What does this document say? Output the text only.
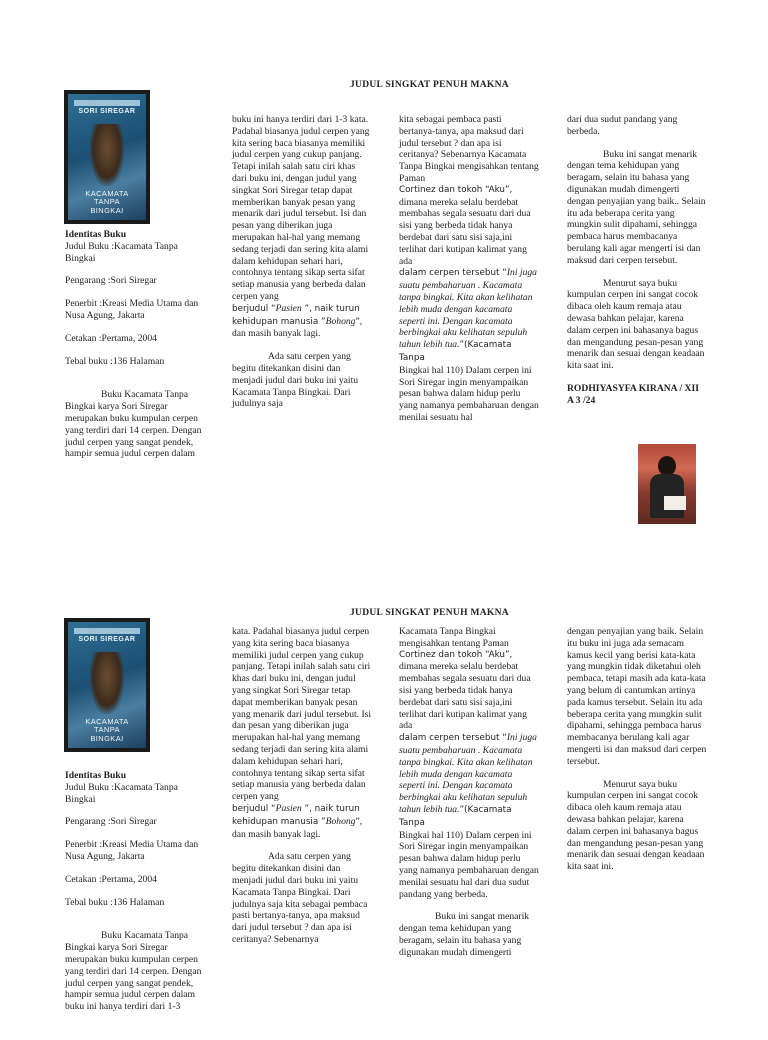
JUDUL SINGKAT PENUH MAKNA
SORI SIREGAR
KACAMATA
TANPA
BINGKAI

Identitas Buku

Judul Buku :Kacamata Tanpa Bingkai

Pengarang :Sori Siregar

Penerbit :Kreasi Media Utama dan Nusa Agung, Jakarta

Cetakan :Pertama, 2004

Tebal buku :136 Halaman

Buku Kacamata Tanpa Bingkai karya Sori Siregar merupakan buku kumpulan cerpen yang terdiri dari 14 cerpen. Dengan judul cerpen yang sangat pendek, hampir semua judul cerpen dalam

buku ini hanya terdiri dari 1-3 kata. Padahal biasanya judul cerpen yang kita sering baca biasanya memiliki judul cerpen yang cukup panjang. Tetapi inilah salah satu ciri khas dari buku ini, dengan judul yang singkat Sori Siregar tetap dapat memberikan banyak pesan yang menarik dari judul tersebut. Isi dan pesan yang diberikan juga merupakan hal-hal yang memang sedang terjadi dan sering kita alami dalam kehidupan sehari hari, contohnya tentang sikap serta sifat setiap manusia yang berbeda dalan cerpen yang

berjudul “Pasien ”, naik turun kehidupan manusia ”Bohong”, dan masih banyak lagi.

Ada satu cerpen yang begitu ditekankan disini dan menjadi judul dari buku ini yaitu Kacamata Tanpa Bingkai. Dari judulnya saja

kita sebagai pembaca pasti bertanya-tanya, apa maksud dari judul tersebut ? dan apa isi ceritanya? Sebenarnya Kacamata Tanpa Bingkai mengisahkan tentang Paman

Cortinez dan tokoh “Aku”,

dimana mereka selalu berdebat membahas segala sesuatu dari dua sisi yang berbeda tidak hanya berdebat dari satu sisi saja,ini terlihat dari kutipan kalimat yang ada

dalam cerpen tersebut “Ini juga suatu pembaharuan . Kacamata tanpa bingkai. Kita akan kelihatan lebih muda dengan kacamata seperti ini. Dengan kacamata berbingkai aku kelihatan sepuluh tahun lebih tua.”(Kacamata Tanpa

Bingkai hal 110) Dalam cerpen ini Sori Siregar ingin menyampaikan pesan bahwa dalam hidup perlu yang namanya pembaharuan dengan menilai sesuatu hal

dari dua sudut pandang yang berbeda.

Buku ini sangat menarik dengan tema kehidupan yang beragam, selain itu bahasa yang digunakan mudah dimengerti dengan penyajian yang baik.. Selain itu ada beberapa cerita yang mungkin sulit dipahami, sehingga pembaca harus membacanya berulang kali agar mengerti isi dan maksud dari cerpen tersebut.

Menurut saya buku kumpulan cerpen ini sangat cocok dibaca oleh kaum remaja atau dewasa bahkan pelajar, karena dalam cerpen ini bahasanya bagus dan mengandung pesan-pesan yang menarik dan sesuai dengan keadaan kita saat ini.

RODHIYASYFA KIRANA / XII A 3 /24

JUDUL SINGKAT PENUH MAKNA
SORI SIREGAR
KACAMATA
TANPA
BINGKAI

Identitas Buku

Judul Buku :Kacamata Tanpa Bingkai

Pengarang :Sori Siregar

Penerbit :Kreasi Media Utama dan Nusa Agung, Jakarta

Cetakan :Pertama, 2004

Tebal buku :136 Halaman

Buku Kacamata Tanpa Bingkai karya Sori Siregar merupakan buku kumpulan cerpen yang terdiri dari 14 cerpen. Dengan judul cerpen yang sangat pendek, hampir semua judul cerpen dalam buku ini hanya terdiri dari 1-3

kata. Padahal biasanya judul cerpen yang kita sering baca biasanya memiliki judul cerpen yang cukup panjang. Tetapi inilah salah satu ciri khas dari buku ini, dengan judul yang singkat Sori Siregar tetap dapat memberikan banyak pesan yang menarik dari judul tersebut. Isi dan pesan yang diberikan juga merupakan hal-hal yang memang sedang terjadi dan sering kita alami dalam kehidupan sehari hari, contohnya tentang sikap serta sifat setiap manusia yang berbeda dalan cerpen yang

berjudul “Pasien ”, naik turun kehidupan manusia ”Bohong”, dan masih banyak lagi.

Ada satu cerpen yang begitu ditekankan disini dan menjadi judul dari buku ini yaitu Kacamata Tanpa Bingkai. Dari judulnya saja kita sebagai pembaca pasti bertanya-tanya, apa maksud dari judul tersebut ? dan apa isi ceritanya? Sebenarnya

Kacamata Tanpa Bingkai mengisahkan tentang Paman

Cortinez dan tokoh “Aku”,

dimana mereka selalu berdebat membahas segala sesuatu dari dua sisi yang berbeda tidak hanya berdebat dari satu sisi saja,ini terlihat dari kutipan kalimat yang ada

dalam cerpen tersebut “Ini juga suatu pembaharuan . Kacamata tanpa bingkai. Kita akan kelihatan lebih muda dengan kacamata seperti ini. Dengan kacamata berbingkai aku kelihatan sepuluh tahun lebih tua.”(Kacamata Tanpa

Bingkai hal 110) Dalam cerpen ini Sori Siregar ingin menyampaikan pesan bahwa dalam hidup perlu yang namanya pembaharuan dengan menilai sesuatu hal dari dua sudut pandang yang berbeda.

Buku ini sangat menarik dengan tema kehidupan yang beragam, selain itu bahasa yang digunakan mudah dimengerti

dengan penyajian yang baik. Selain itu buku ini juga ada semacam kamus kecil yang berisi kata-kata yang mungkin tidak diketahui oleh pembaca, tetapi masih ada kata-kata yang belum di cantumkan artinya pada kamus tersebut. Selain itu ada beberapa cerita yang mungkin sulit dipahami, sehingga pembaca harus membacanya berulang kali agar mengerti isi dan maksud dari cerpen tersebut.

Menurut saya buku kumpulan cerpen ini sangat cocok dibaca oleh kaum remaja atau dewasa bahkan pelajar, karena dalam cerpen ini bahasanya bagus dan mengandung pesan-pesan yang menarik dan sesuai dengan keadaan kita saat ini.
